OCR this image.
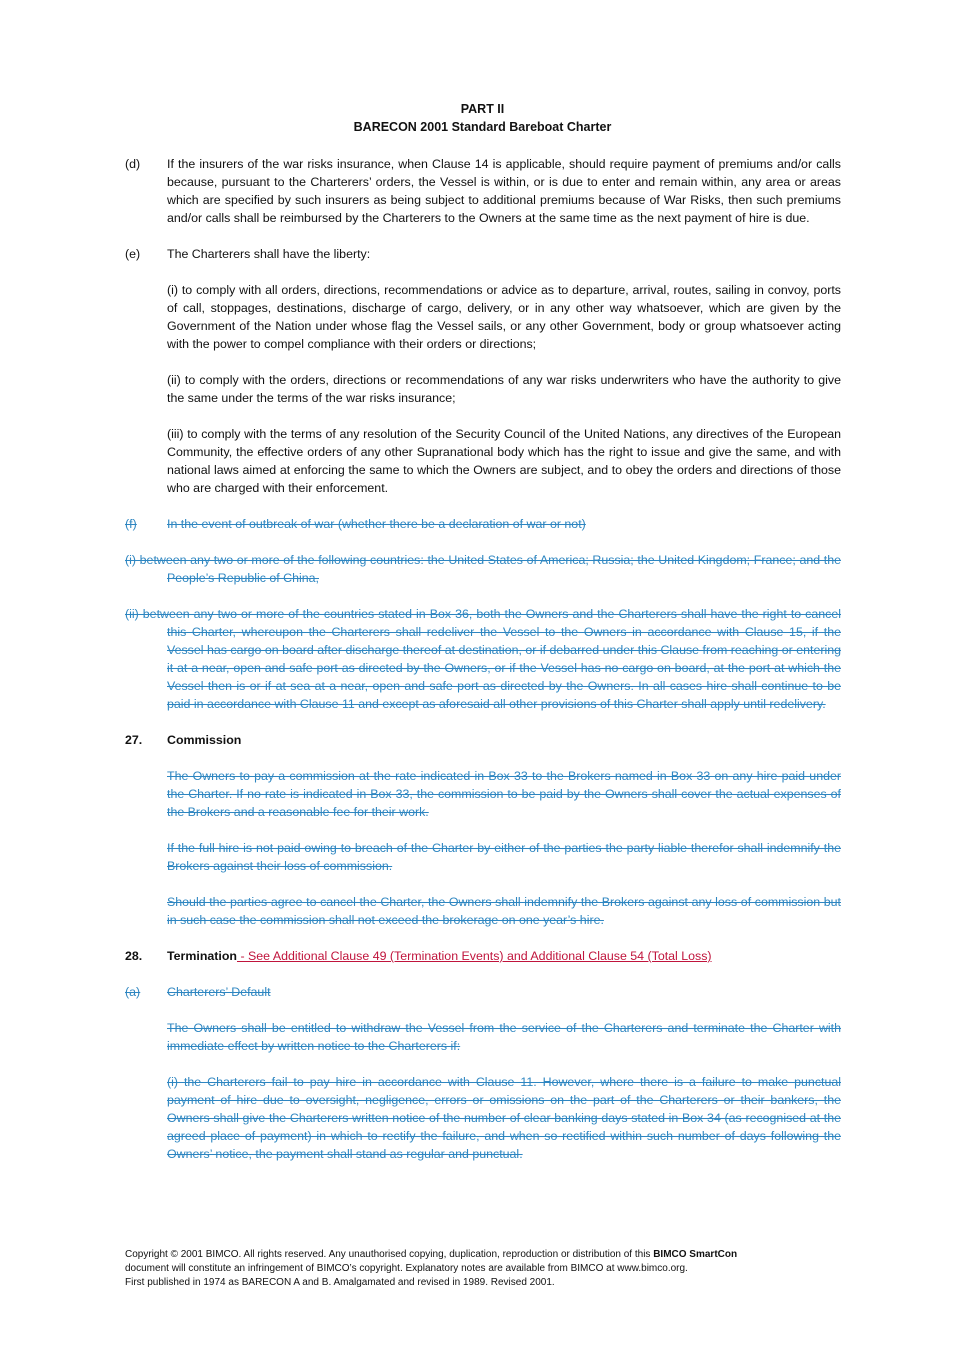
PART II
BARECON 2001 Standard Bareboat Charter
(d)	If the insurers of the war risks insurance, when Clause 14 is applicable, should require payment of premiums and/or calls because, pursuant to the Charterers’ orders, the Vessel is within, or is due to enter and remain within, any area or areas which are specified by such insurers as being subject to additional premiums because of War Risks, then such premiums and/or calls shall be reimbursed by the Charterers to the Owners at the same time as the next payment of hire is due.
(e)	The Charterers shall have the liberty:
(i) to comply with all orders, directions, recommendations or advice as to departure, arrival, routes, sailing in convoy, ports of call, stoppages, destinations, discharge of cargo, delivery, or in any other way whatsoever, which are given by the Government of the Nation under whose flag the Vessel sails, or any other Government, body or group whatsoever acting with the power to compel compliance with their orders or directions;
(ii) to comply with the orders, directions or recommendations of any war risks underwriters who have the authority to give the same under the terms of the war risks insurance;
(iii) to comply with the terms of any resolution of the Security Council of the United Nations, any directives of the European Community, the effective orders of any other Supranational body which has the right to issue and give the same, and with national laws aimed at enforcing the same to which the Owners are subject, and to obey the orders and directions of those who are charged with their enforcement.
(f)	In the event of outbreak of war (whether there be a declaration of war or not)
(i) between any two or more of the following countries: the United States of America; Russia; the United Kingdom; France; and the People’s Republic of China,
(ii) between any two or more of the countries stated in Box 36, both the Owners and the Charterers shall have the right to cancel this Charter, whereupon the Charterers shall redeliver the Vessel to the Owners in accordance with Clause 15, if the Vessel has cargo on board after discharge thereof at destination, or if debarred under this Clause from reaching or entering it at a near, open and safe port as directed by the Owners, or if the Vessel has no cargo on board, at the port at which the Vessel then is or if at sea at a near, open and safe port as directed by the Owners. In all cases hire shall continue to be paid in accordance with Clause 11 and except as aforesaid all other provisions of this Charter shall apply until redelivery.
27.	Commission
The Owners to pay a commission at the rate indicated in Box 33 to the Brokers named in Box 33 on any hire paid under the Charter. If no rate is indicated in Box 33, the commission to be paid by the Owners shall cover the actual expenses of the Brokers and a reasonable fee for their work.
If the full hire is not paid owing to breach of the Charter by either of the parties the party liable therefor shall indemnify the Brokers against their loss of commission.
Should the parties agree to cancel the Charter, the Owners shall indemnify the Brokers against any loss of commission but in such case the commission shall not exceed the brokerage on one year’s hire.
28.	Termination - See Additional Clause 49 (Termination Events) and Additional Clause 54 (Total Loss)
(a)	Charterers’ Default
The Owners shall be entitled to withdraw the Vessel from the service of the Charterers and terminate the Charter with immediate effect by written notice to the Charterers if:
(i) the Charterers fail to pay hire in accordance with Clause 11. However, where there is a failure to make punctual payment of hire due to oversight, negligence, errors or omissions on the part of the Charterers or their bankers, the Owners shall give the Charterers written notice of the number of clear banking days stated in Box 34 (as recognised at the agreed place of payment) in which to rectify the failure, and when so rectified within such number of days following the Owners’ notice, the payment shall stand as regular and punctual.
Copyright © 2001 BIMCO. All rights reserved. Any unauthorised copying, duplication, reproduction or distribution of this BIMCO SmartCon
document will constitute an infringement of BIMCO’s copyright. Explanatory notes are available from BIMCO at www.bimco.org.
First published in 1974 as BARECON A and B. Amalgamated and revised in 1989. Revised 2001.
